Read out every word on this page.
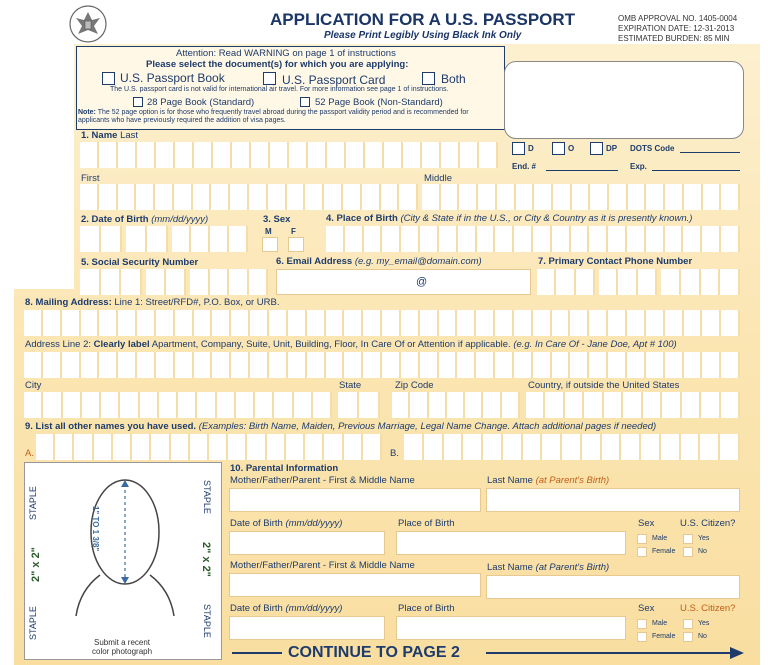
APPLICATION FOR A U.S. PASSPORT
Please Print Legibly Using Black Ink Only
OMB APPROVAL NO. 1405-0004
EXPIRATION DATE: 12-31-2013
ESTIMATED BURDEN: 85 MIN
Attention: Read WARNING on page 1 of instructions
Please select the document(s) for which you are applying:
U.S. Passport Book	U.S. Passport Card	Both
The U.S. passport card is not valid for international air travel. For more information see page 1 of instructions.
28 Page Book (Standard)	52 Page Book (Non-Standard)
Note: The 52 page option is for those who frequently travel abroad during the passport validity period and is recommended for applicants who have previously required the addition of visa pages.
D	O	DP DOTS Code
End. #	Exp.
1. Name Last
First	Middle
2. Date of Birth (mm/dd/yyyy)	3. Sex
M F
4. Place of Birth (City & State if in the U.S., or City & Country as it is presently known.)
5. Social Security Number	6. Email Address (e.g. my_email@domain.com)
@
7. Primary Contact Phone Number
8. Mailing Address: Line 1: Street/RFD#, P.O. Box, or URB.
Address Line 2: Clearly label Apartment, Company, Suite, Unit, Building, Floor, In Care Of or Attention if applicable. (e.g. In Care Of - Jane Doe, Apt # 100)
City	State	Zip Code	Country, if outside the United States
9. List all other names you have used. (Examples: Birth Name, Maiden, Previous Marriage, Legal Name Change. Attach additional pages if needed)
A.	B.
STAPLE	STAPLE
STAPLE	STAPLE
2" x 2"	2" x 2"
1" TO 1 3/8"
Submit a recent
color photograph
10. Parental Information
Mother/Father/Parent - First & Middle Name	Last Name (at Parent's Birth)
Date of Birth (mm/dd/yyyy)	Place of Birth	Sex	U.S. Citizen?
Male
Female
Yes
No
Mother/Father/Parent - First & Middle Name	Last Name (at Parent's Birth)
Date of Birth (mm/dd/yyyy)	Place of Birth	Sex	U.S. Citizen?
Male
Female
Yes
No
CONTINUE TO PAGE 2
